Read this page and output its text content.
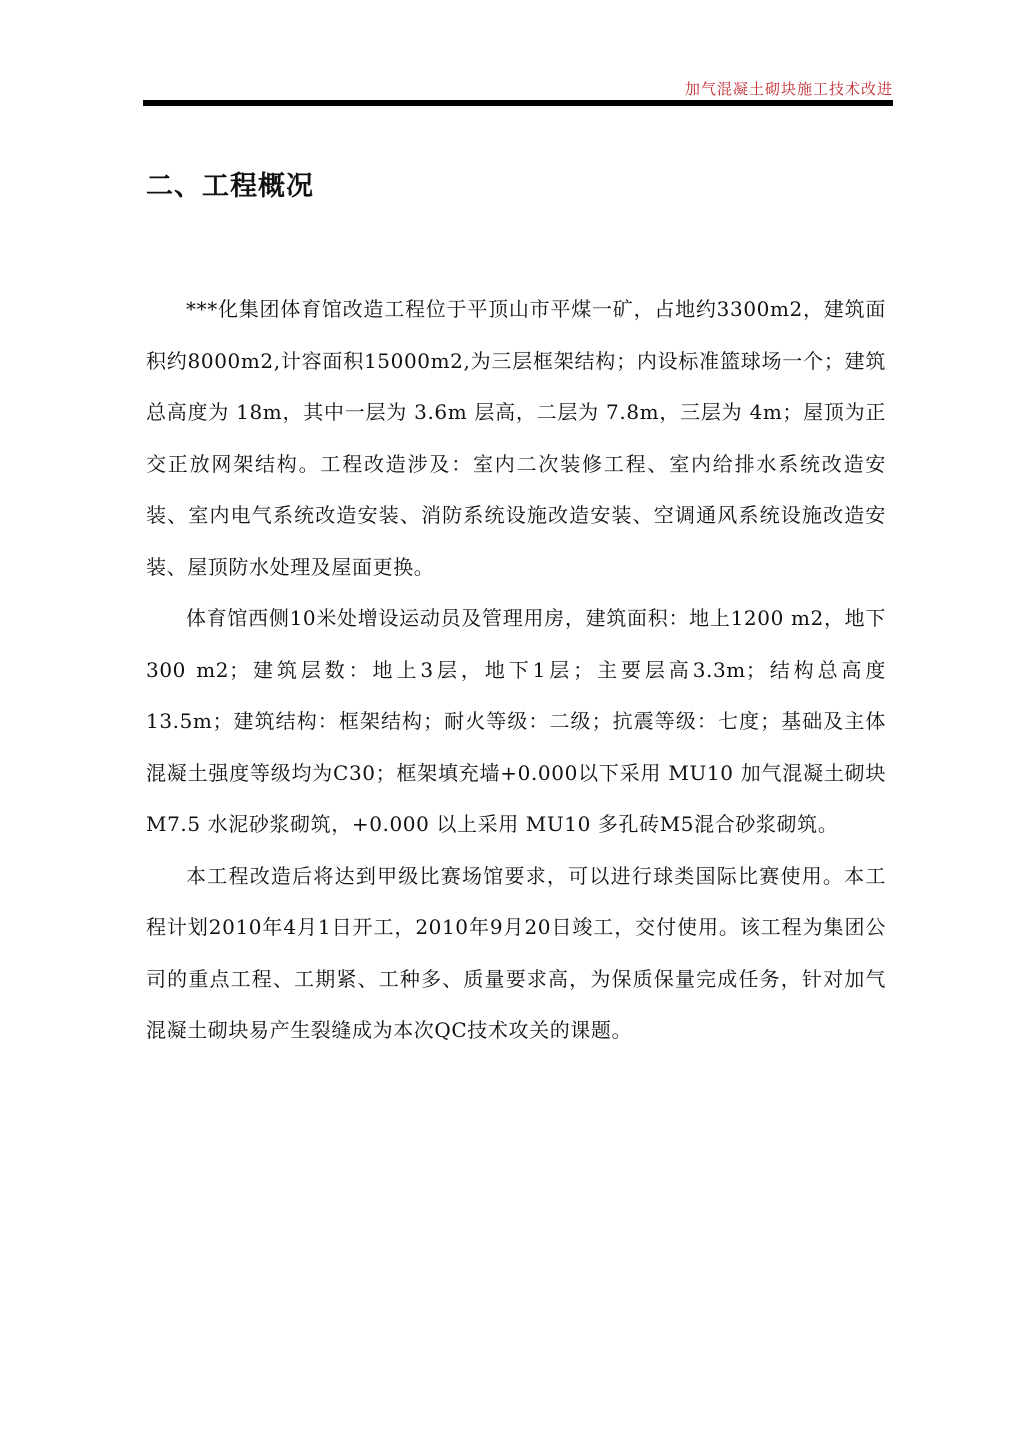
加气混凝土砌块施工技术改进
二、工程概况

***化集团体育馆改造工程位于平顶山市平煤一矿，占地约3300m2，建筑面积约8000m2,计容面积15000m2,为三层框架结构；内设标准篮球场一个；建筑总高度为 18m，其中一层为 3.6m 层高，二层为 7.8m，三层为 4m；屋顶为正交正放网架结构。工程改造涉及：室内二次装修工程、室内给排水系统改造安装、室内电气系统改造安装、消防系统设施改造安装、空调通风系统设施改造安装、屋顶防水处理及屋面更换。

体育馆西侧10米处增设运动员及管理用房，建筑面积：地上1200 m2，地下300 m2；建筑层数：地上3层，地下1层；主要层高3.3m；结构总高度13.5m；建筑结构：框架结构；耐火等级：二级；抗震等级：七度；基础及主体混凝土强度等级均为C30；框架填充墙+0.000以下采用 MU10 加气混凝土砌块 M7.5 水泥砂浆砌筑，+0.000 以上采用 MU10 多孔砖M5混合砂浆砌筑。

本工程改造后将达到甲级比赛场馆要求，可以进行球类国际比赛使用。本工程计划2010年4月1日开工，2010年9月20日竣工，交付使用。该工程为集团公司的重点工程、工期紧、工种多、质量要求高，为保质保量完成任务，针对加气混凝土砌块易产生裂缝成为本次QC技术攻关的课题。
